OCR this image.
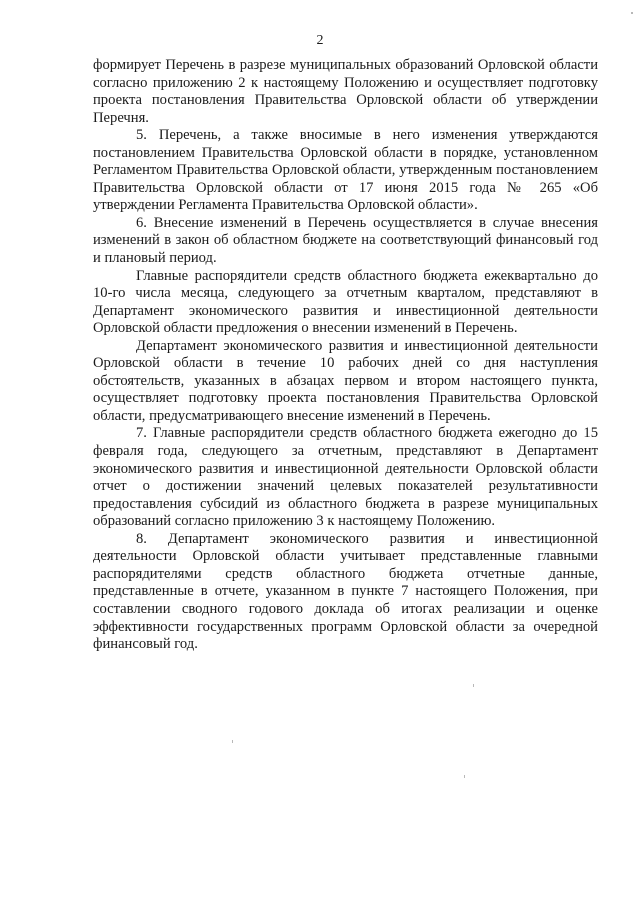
2

формирует Перечень в разрезе муниципальных образований Орловской области согласно приложению 2 к настоящему Положению и осуществляет подготовку проекта постановления Правительства Орловской области об утверждении Перечня.

5. Перечень, а также вносимые в него изменения утверждаются постановлением Правительства Орловской области в порядке, установленном Регламентом Правительства Орловской области, утвержденным постановлением Правительства Орловской области от 17 июня 2015 года № 265 «Об утверждении Регламента Правительства Орловской области».

6. Внесение изменений в Перечень осуществляется в случае внесения изменений в закон об областном бюджете на соответствующий финансовый год и плановый период.

Главные распорядители средств областного бюджета ежеквартально до 10-го числа месяца, следующего за отчетным кварталом, представляют в Департамент экономического развития и инвестиционной деятельности Орловской области предложения о внесении изменений в Перечень.

Департамент экономического развития и инвестиционной деятельности Орловской области в течение 10 рабочих дней со дня наступления обстоятельств, указанных в абзацах первом и втором настоящего пункта, осуществляет подготовку проекта постановления Правительства Орловской области, предусматривающего внесение изменений в Перечень.

7. Главные распорядители средств областного бюджета ежегодно до 15 февраля года, следующего за отчетным, представляют в Департамент экономического развития и инвестиционной деятельности Орловской области отчет о достижении значений целевых показателей результативности предоставления субсидий из областного бюджета в разрезе муниципальных образований согласно приложению 3 к настоящему Положению.

8. Департамент экономического развития и инвестиционной деятельности Орловской области учитывает представленные главными распорядителями средств областного бюджета отчетные данные, представленные в отчете, указанном в пункте 7 настоящего Положения, при составлении сводного годового доклада об итогах реализации и оценке эффективности государственных программ Орловской области за очередной финансовый год.
